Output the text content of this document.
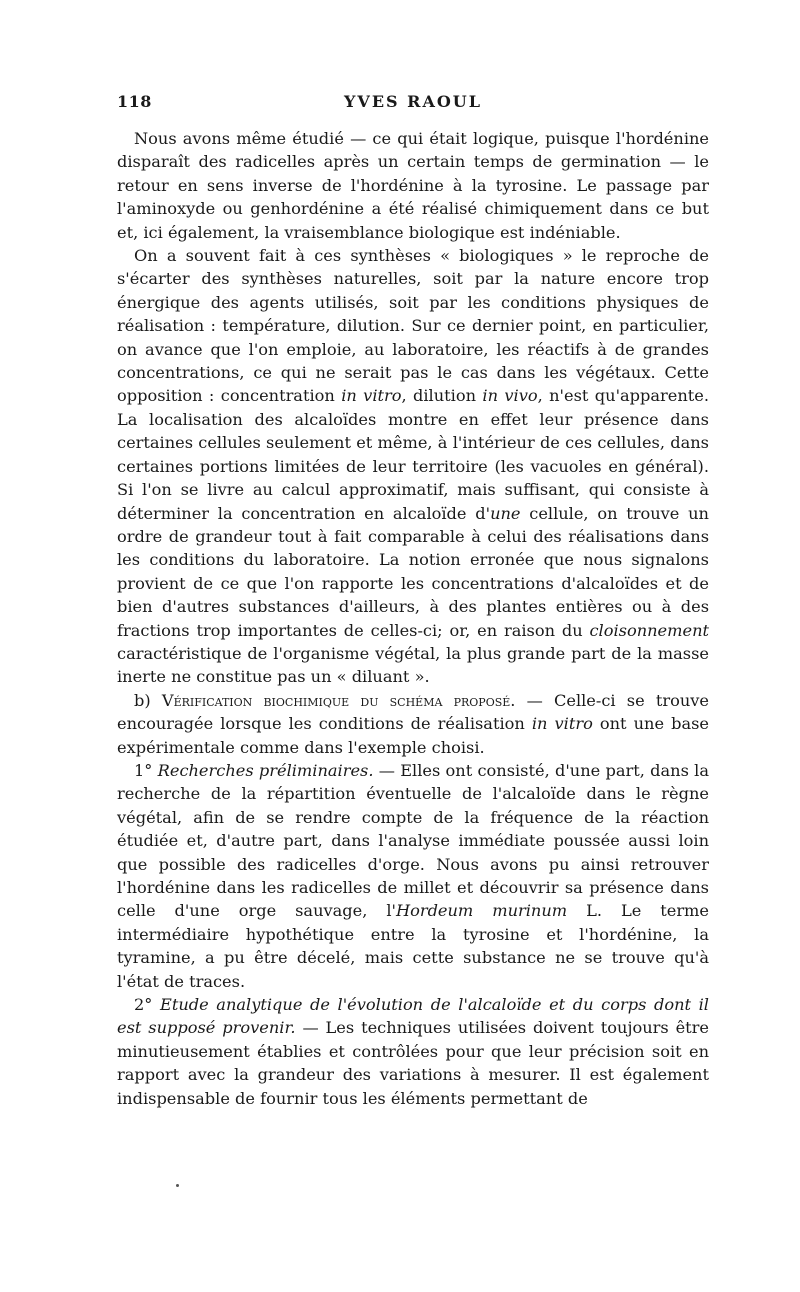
118	YVES RAOUL

Nous avons même étudié — ce qui était logique, puisque l'hordénine disparaît des radicelles après un certain temps de germination — le retour en sens inverse de l'hordénine à la tyrosine. Le passage par l'aminoxyde ou genhordénine a été réalisé chimiquement dans ce but et, ici également, la vraisemblance biologique est indéniable.

On a souvent fait à ces synthèses « biologiques » le reproche de s'écarter des synthèses naturelles, soit par la nature encore trop énergique des agents utilisés, soit par les conditions physiques de réalisation : température, dilution. Sur ce dernier point, en particulier, on avance que l'on emploie, au laboratoire, les réactifs à de grandes concentrations, ce qui ne serait pas le cas dans les végétaux. Cette opposition : concentration in vitro, dilution in vivo, n'est qu'apparente. La localisation des alcaloïdes montre en effet leur présence dans certaines cellules seulement et même, à l'intérieur de ces cellules, dans certaines portions limitées de leur territoire (les vacuoles en général). Si l'on se livre au calcul approximatif, mais suffisant, qui consiste à déterminer la concentration en alcaloïde d'une cellule, on trouve un ordre de grandeur tout à fait comparable à celui des réalisations dans les conditions du laboratoire. La notion erronée que nous signalons provient de ce que l'on rapporte les concentrations d'alcaloïdes et de bien d'autres substances d'ailleurs, à des plantes entières ou à des fractions trop importantes de celles-ci; or, en raison du cloisonnement caractéristique de l'organisme végétal, la plus grande part de la masse inerte ne constitue pas un « diluant ».

b) Vérification biochimique du schéma proposé. — Celle-ci se trouve encouragée lorsque les conditions de réalisation in vitro ont une base expérimentale comme dans l'exemple choisi.

1° Recherches préliminaires. — Elles ont consisté, d'une part, dans la recherche de la répartition éventuelle de l'alcaloïde dans le règne végétal, afin de se rendre compte de la fréquence de la réaction étudiée et, d'autre part, dans l'analyse immédiate poussée aussi loin que possible des radicelles d'orge. Nous avons pu ainsi retrouver l'hordénine dans les radicelles de millet et découvrir sa présence dans celle d'une orge sauvage, l'Hordeum murinum L. Le terme intermédiaire hypothétique entre la tyrosine et l'hordénine, la tyramine, a pu être décelé, mais cette substance ne se trouve qu'à l'état de traces.

2° Etude analytique de l'évolution de l'alcaloïde et du corps dont il est supposé provenir. — Les techniques utilisées doivent toujours être minutieusement établies et contrôlées pour que leur précision soit en rapport avec la grandeur des variations à mesurer. Il est également indispensable de fournir tous les éléments permettant de
